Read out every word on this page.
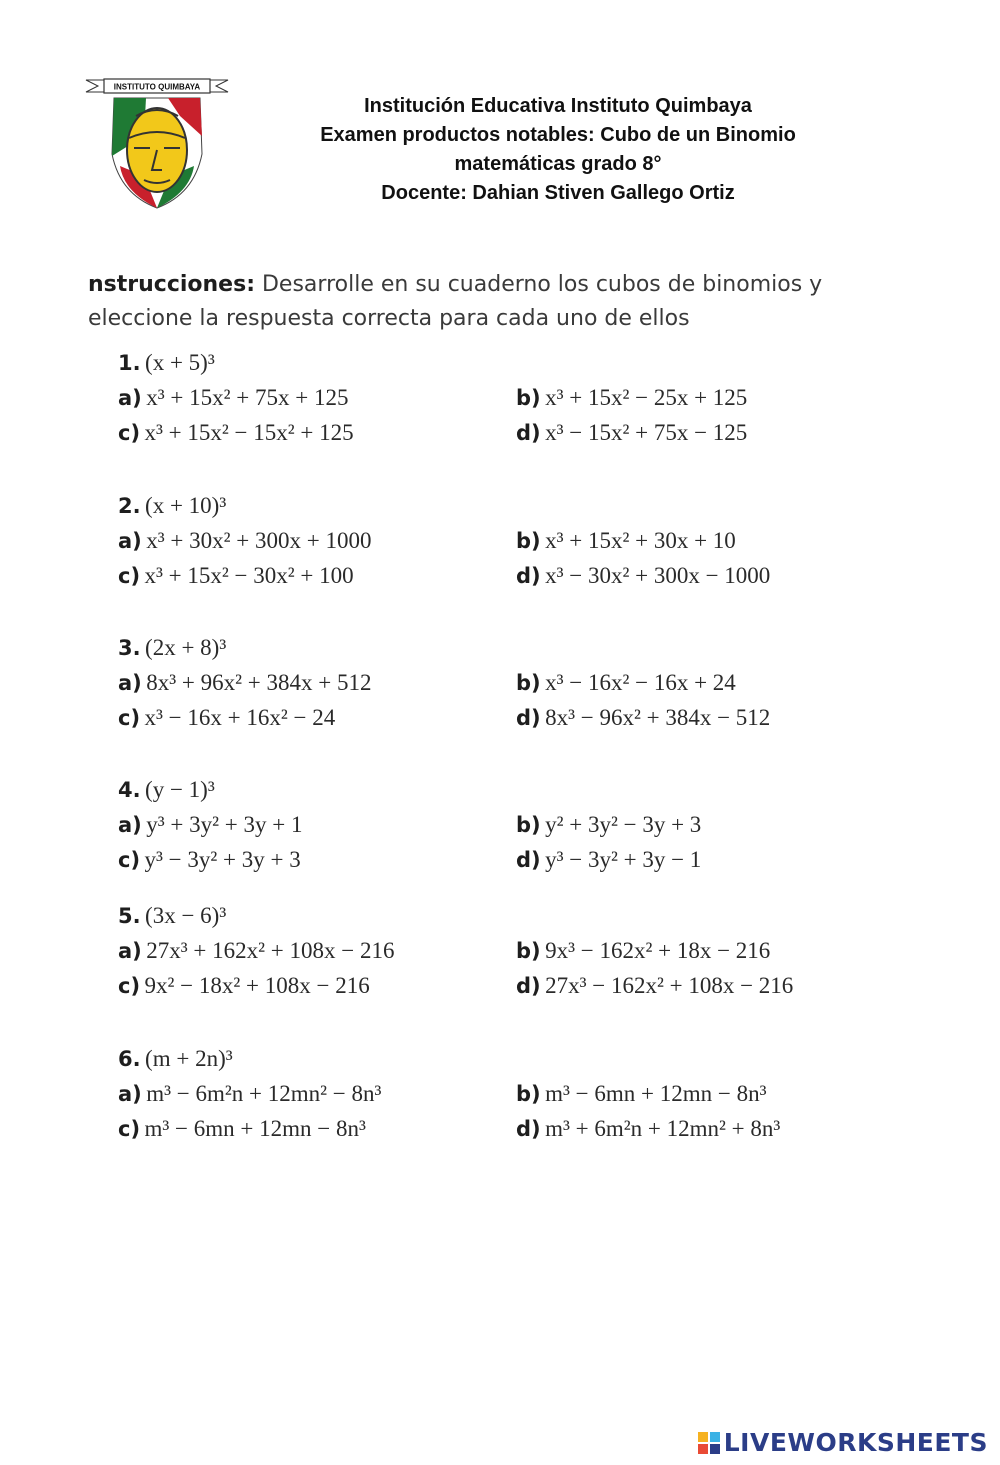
INSTITUTO QUIMBAYA
Institución Educativa Instituto Quimbaya
Examen productos notables: Cubo de un Binomio
matemáticas grado 8°
Docente: Dahian Stiven Gallego Ortiz
nstrucciones: Desarrolle en su cuaderno los cubos de binomios y
eleccione la respuesta correcta para cada uno de ellos
1. (x + 5)³
a) x³ + 15x² + 75x + 125	b) x³ + 15x² − 25x + 125
c) x³ + 15x² − 15x² + 125	d) x³ − 15x² + 75x − 125
2. (x + 10)³
a) x³ + 30x² + 300x + 1000	b) x³ + 15x² + 30x + 10
c) x³ + 15x² − 30x² + 100	d) x³ − 30x² + 300x − 1000
3. (2x + 8)³
a) 8x³ + 96x² + 384x + 512	b) x³ − 16x² − 16x + 24
c) x³ − 16x + 16x² − 24	d) 8x³ − 96x² + 384x − 512
4. (y − 1)³
a) y³ + 3y² + 3y + 1	b) y² + 3y² − 3y + 3
c) y³ − 3y² + 3y + 3	d) y³ − 3y² + 3y − 1
5. (3x − 6)³
a) 27x³ + 162x² + 108x − 216	b) 9x³ − 162x² + 18x − 216
c) 9x² − 18x² + 108x − 216	d) 27x³ − 162x² + 108x − 216
6. (m + 2n)³
a) m³ − 6m²n + 12mn² − 8n³	b) m³ − 6mn + 12mn − 8n³
c) m³ − 6mn + 12mn − 8n³	d) m³ + 6m²n + 12mn² + 8n³
LIVEWORKSHEETS
